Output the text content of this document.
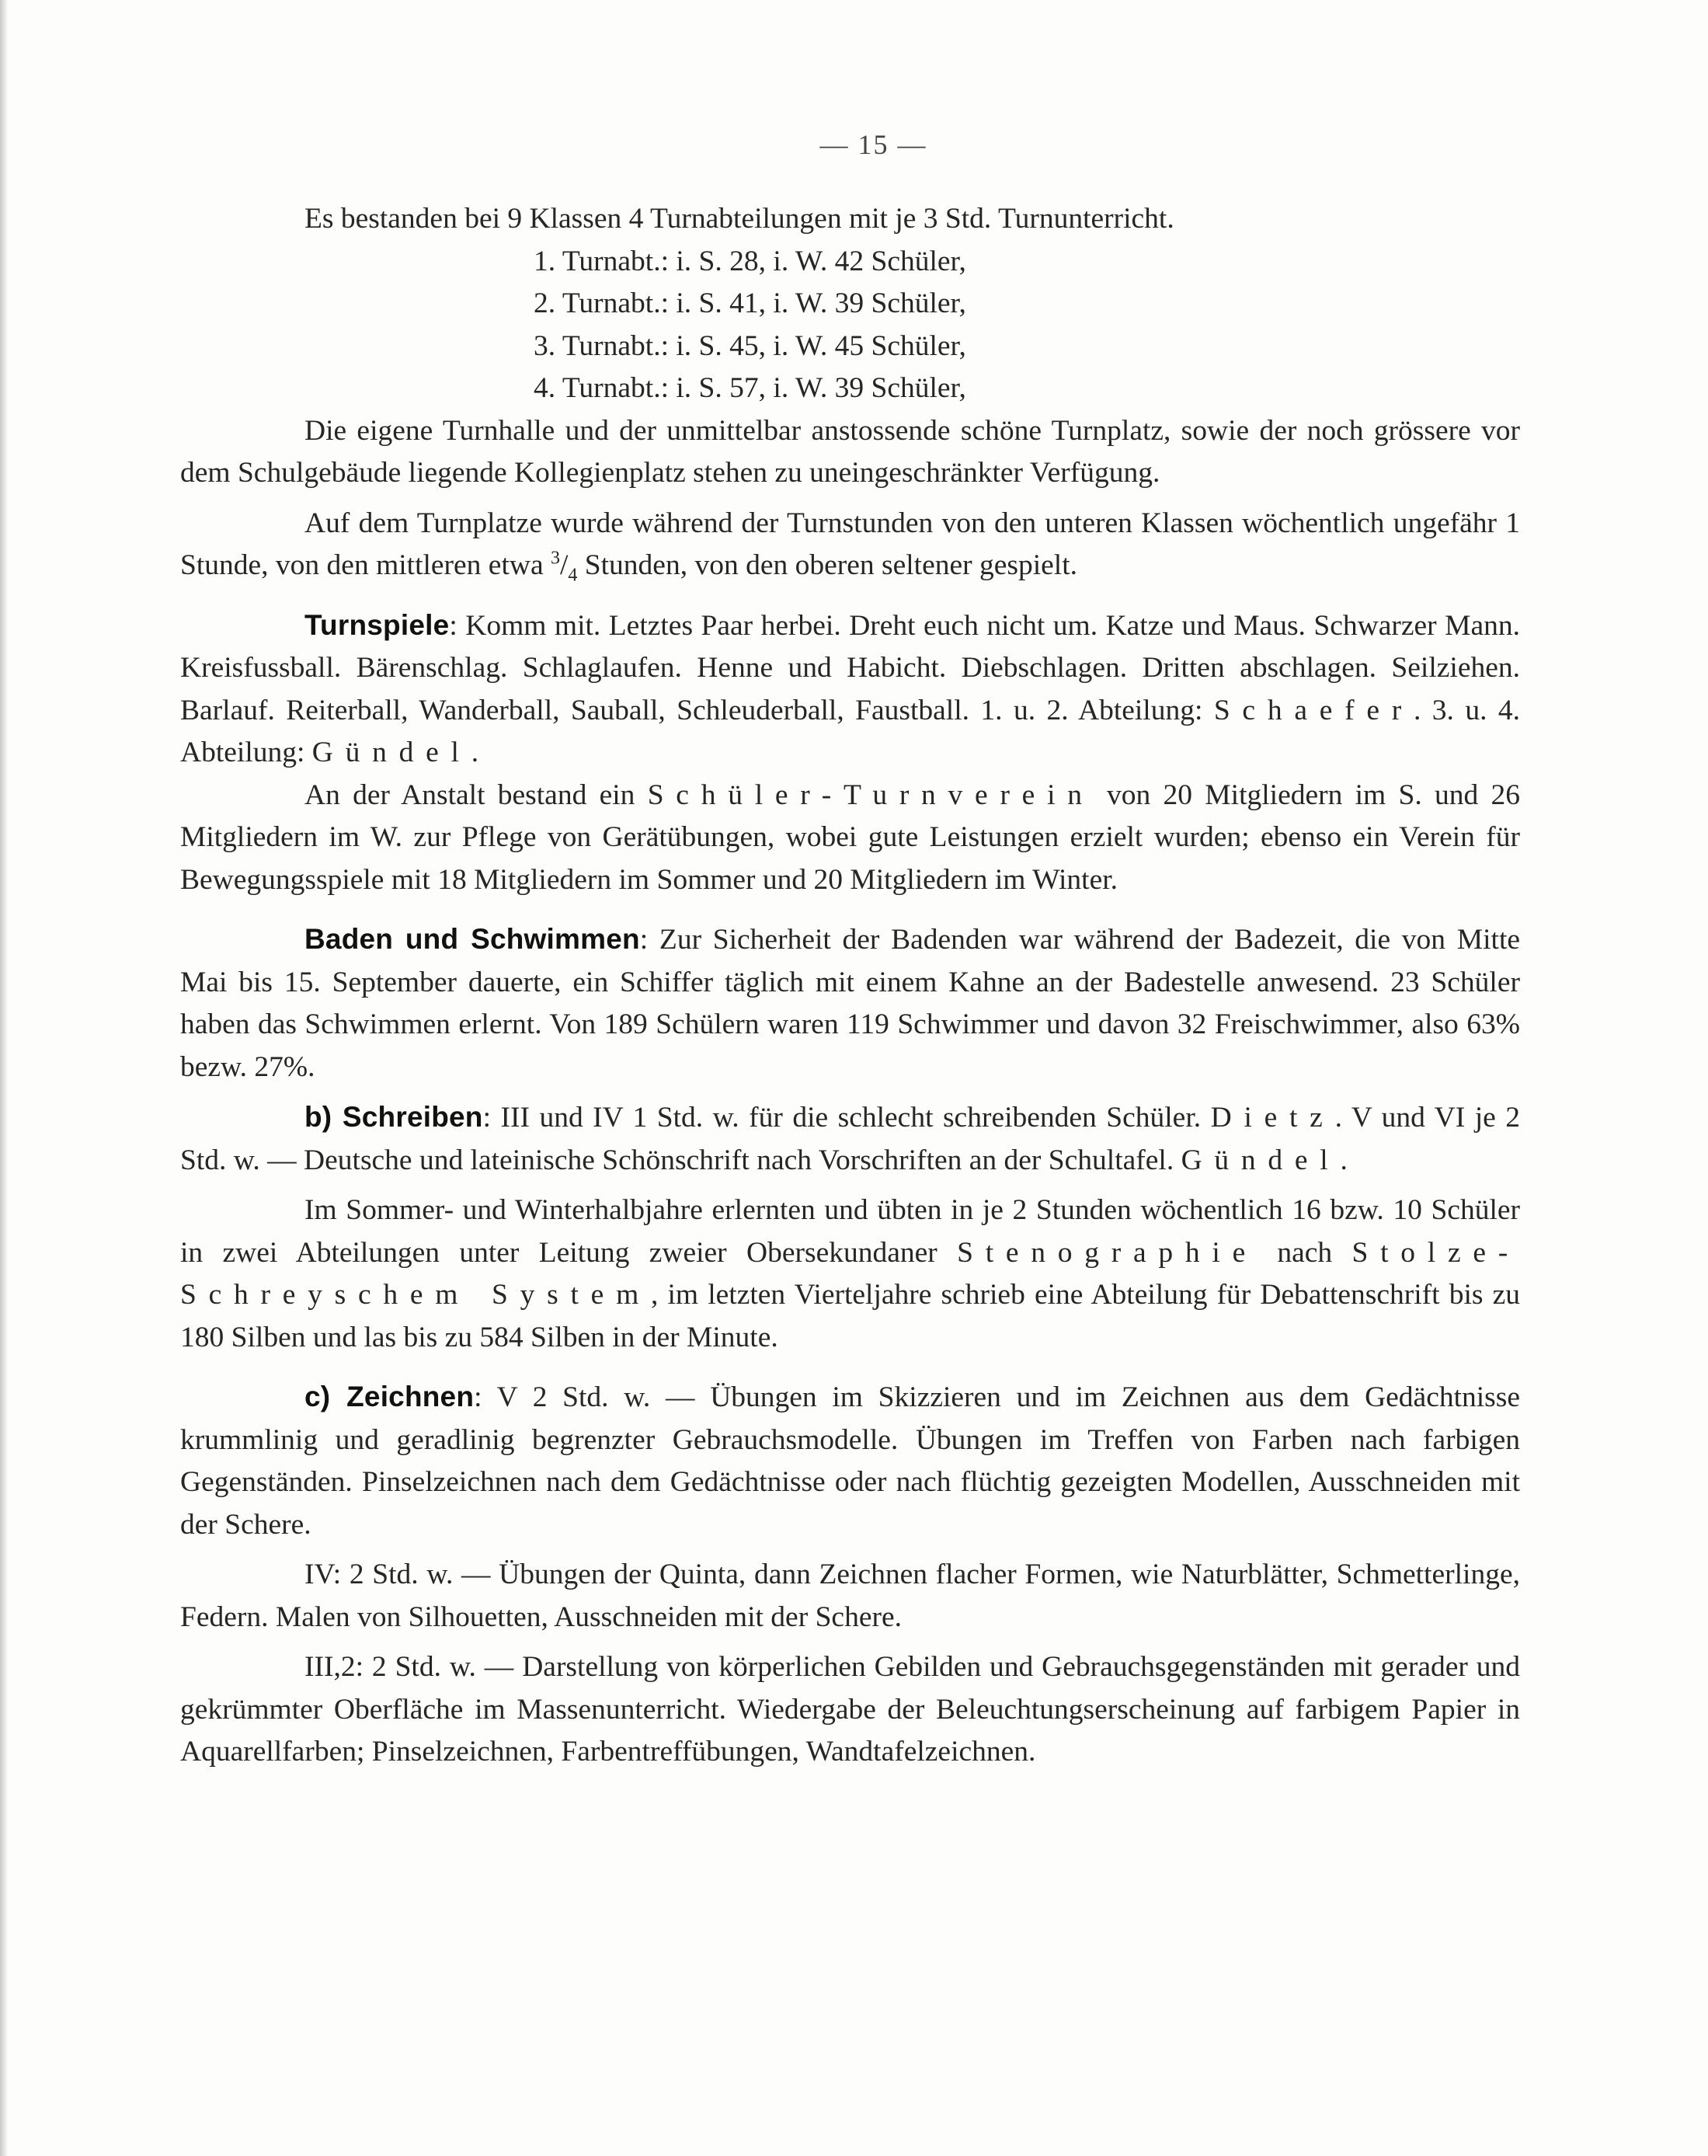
— 15 —

Es bestanden bei 9 Klassen 4 Turnabteilungen mit je 3 Std. Turnunterricht.

1. Turnabt.: i. S. 28, i. W. 42 Schüler,
2. Turnabt.: i. S. 41, i. W. 39 Schüler,
3. Turnabt.: i. S. 45, i. W. 45 Schüler,
4. Turnabt.: i. S. 57, i. W. 39 Schüler,

Die eigene Turnhalle und der unmittelbar anstossende schöne Turnplatz, sowie der noch grössere vor dem Schulgebäude liegende Kollegienplatz stehen zu uneingeschränkter Verfügung.

Auf dem Turnplatze wurde während der Turnstunden von den unteren Klassen wöchentlich ungefähr 1 Stunde, von den mittleren etwa $^3/_4$ Stunden, von den oberen seltener gespielt.

Turnspiele: Komm mit. Letztes Paar herbei. Dreht euch nicht um. Katze und Maus. Schwarzer Mann. Kreisfussball. Bärenschlag. Schlaglaufen. Henne und Habicht. Diebschlagen. Dritten abschlagen. Seilziehen. Barlauf. Reiterball, Wanderball, Sauball, Schleuderball, Faustball. 1. u. 2. Abteilung: Schaefer. 3. u. 4. Abteilung: Gündel.

An der Anstalt bestand ein Schüler-Turnverein von 20 Mitgliedern im S. und 26 Mitgliedern im W. zur Pflege von Gerätübungen, wobei gute Leistungen erzielt wurden; ebenso ein Verein für Bewegungsspiele mit 18 Mitgliedern im Sommer und 20 Mitgliedern im Winter.

Baden und Schwimmen: Zur Sicherheit der Badenden war während der Badezeit, die von Mitte Mai bis 15. September dauerte, ein Schiffer täglich mit einem Kahne an der Badestelle anwesend. 23 Schüler haben das Schwimmen erlernt. Von 189 Schülern waren 119 Schwimmer und davon 32 Freischwimmer, also 63% bezw. 27%.

b) Schreiben: III und IV 1 Std. w. für die schlecht schreibenden Schüler. Dietz. V und VI je 2 Std. w. — Deutsche und lateinische Schönschrift nach Vorschriften an der Schultafel. Gündel.

Im Sommer- und Winterhalbjahre erlernten und übten in je 2 Stunden wöchentlich 16 bzw. 10 Schüler in zwei Abteilungen unter Leitung zweier Obersekundaner Stenographie nach Stolze-Schreyschem System, im letzten Vierteljahre schrieb eine Abteilung für Debattenschrift bis zu 180 Silben und las bis zu 584 Silben in der Minute.

c) Zeichnen: V 2 Std. w. — Übungen im Skizzieren und im Zeichnen aus dem Gedächtnisse krummlinig und geradlinig begrenzter Gebrauchsmodelle. Übungen im Treffen von Farben nach farbigen Gegenständen. Pinselzeichnen nach dem Gedächtnisse oder nach flüchtig gezeigten Modellen, Ausschneiden mit der Schere.

IV: 2 Std. w. — Übungen der Quinta, dann Zeichnen flacher Formen, wie Naturblätter, Schmetterlinge, Federn. Malen von Silhouetten, Ausschneiden mit der Schere.

III,2: 2 Std. w. — Darstellung von körperlichen Gebilden und Gebrauchsgegenständen mit gerader und gekrümmter Oberfläche im Massenunterricht. Wiedergabe der Beleuchtungserscheinung auf farbigem Papier in Aquarellfarben; Pinselzeichnen, Farbentreffübungen, Wandtafelzeichnen.
